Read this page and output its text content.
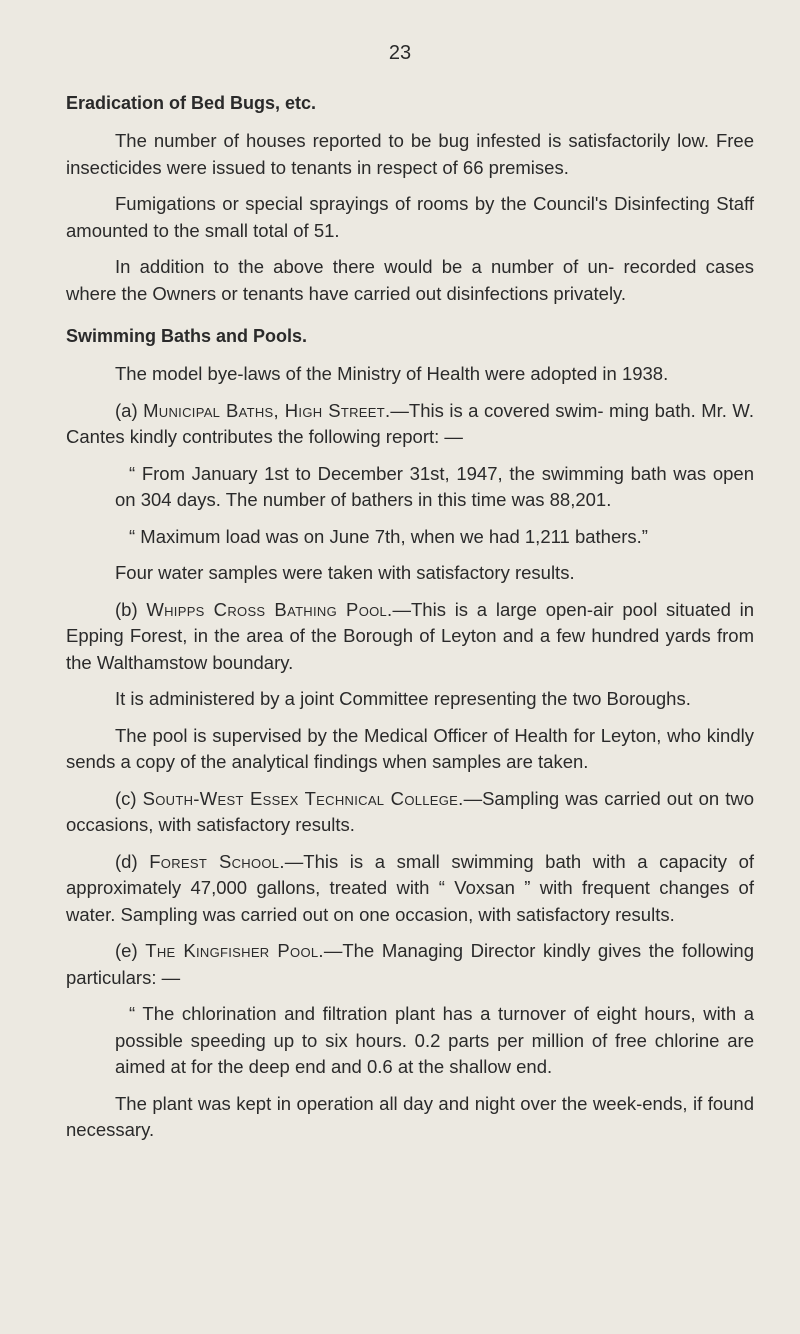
23
Eradication of Bed Bugs, etc.

The number of houses reported to be bug infested is satisfactorily low. Free insecticides were issued to tenants in respect of 66 premises.

Fumigations or special sprayings of rooms by the Council's Disinfecting Staff amounted to the small total of 51.

In addition to the above there would be a number of un- recorded cases where the Owners or tenants have carried out disinfections privately.

Swimming Baths and Pools.

The model bye-laws of the Ministry of Health were adopted in 1938.

(a) Municipal Baths, High Street.—This is a covered swim- ming bath. Mr. W. Cantes kindly contributes the following report: —

“ From January 1st to December 31st, 1947, the swimming bath was open on 304 days. The number of bathers in this time was 88,201.

“ Maximum load was on June 7th, when we had 1,211 bathers.”

Four water samples were taken with satisfactory results.

(b) Whipps Cross Bathing Pool.—This is a large open-air pool situated in Epping Forest, in the area of the Borough of Leyton and a few hundred yards from the Walthamstow boundary.

It is administered by a joint Committee representing the two Boroughs.

The pool is supervised by the Medical Officer of Health for Leyton, who kindly sends a copy of the analytical findings when samples are taken.

(c) South-West Essex Technical College.—Sampling was carried out on two occasions, with satisfactory results.

(d) Forest School.—This is a small swimming bath with a capacity of approximately 47,000 gallons, treated with “ Voxsan ” with frequent changes of water. Sampling was carried out on one occasion, with satisfactory results.

(e) The Kingfisher Pool.—The Managing Director kindly gives the following particulars: —

“ The chlorination and filtration plant has a turnover of eight hours, with a possible speeding up to six hours. 0.2 parts per million of free chlorine are aimed at for the deep end and 0.6 at the shallow end.

The plant was kept in operation all day and night over the week-ends, if found necessary.
